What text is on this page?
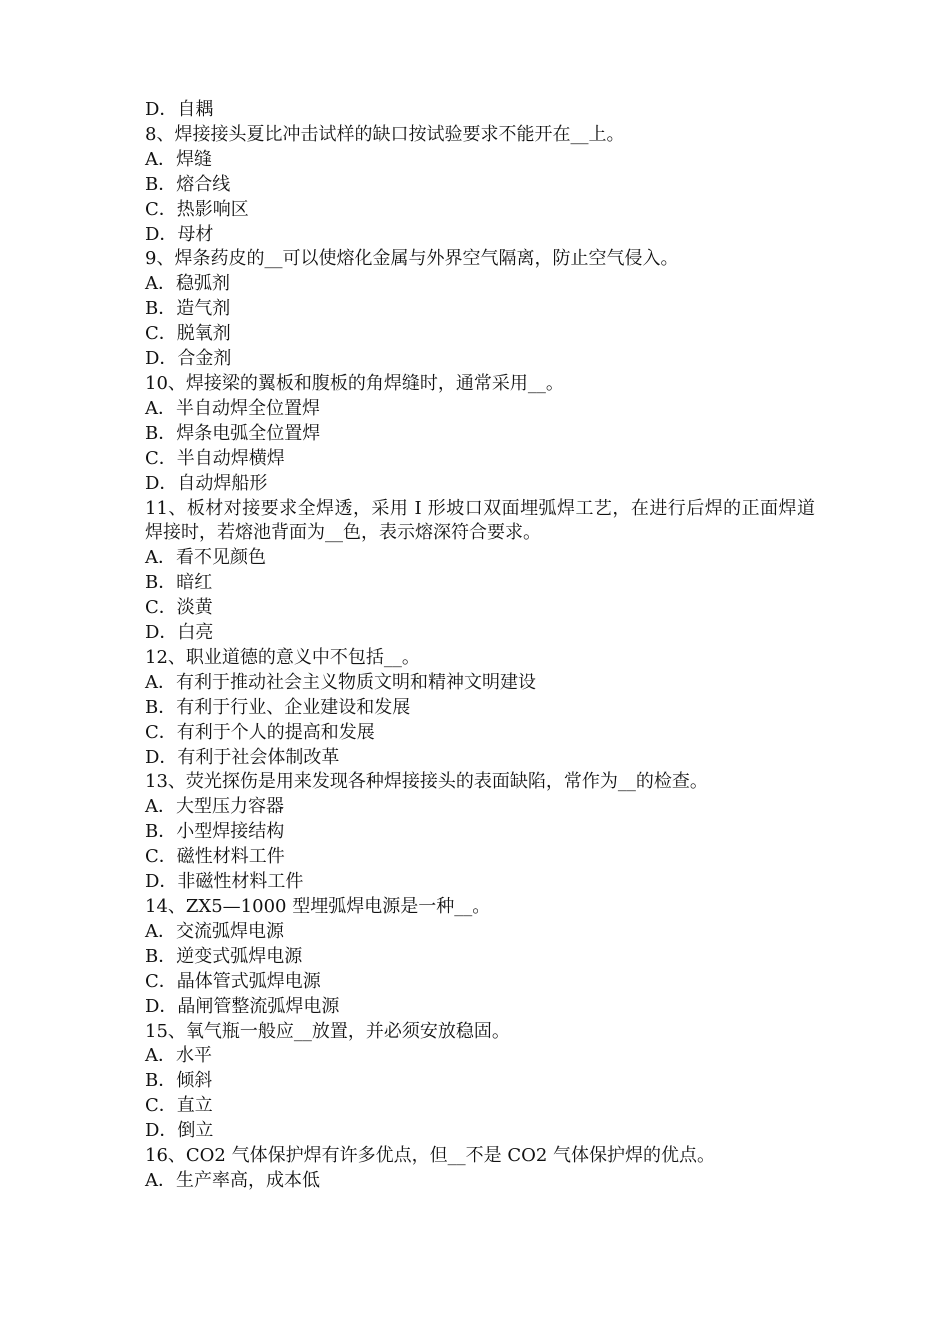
D．自耦

8、焊接接头夏比冲击试样的缺口按试验要求不能开在__上。

A．焊缝

B．熔合线

C．热影响区

D．母材

9、焊条药皮的__可以使熔化金属与外界空气隔离，防止空气侵入。

A．稳弧剂

B．造气剂

C．脱氧剂

D．合金剂

10、焊接梁的翼板和腹板的角焊缝时，通常采用__。

A．半自动焊全位置焊

B．焊条电弧全位置焊

C．半自动焊横焊

D．自动焊船形

11、板材对接要求全焊透，采用 I 形坡口双面埋弧焊工艺，在进行后焊的正面焊道焊接时，若熔池背面为__色，表示熔深符合要求。

A．看不见颜色

B．暗红

C．淡黄

D．白亮

12、职业道德的意义中不包括__。

A．有利于推动社会主义物质文明和精神文明建设

B．有利于行业、企业建设和发展

C．有利于个人的提高和发展

D．有利于社会体制改革

13、荧光探伤是用来发现各种焊接接头的表面缺陷，常作为__的检查。

A．大型压力容器

B．小型焊接结构

C．磁性材料工件

D．非磁性材料工件

14、ZX5—1000 型埋弧焊电源是一种__。

A．交流弧焊电源

B．逆变式弧焊电源

C．晶体管式弧焊电源

D．晶闸管整流弧焊电源

15、氧气瓶一般应__放置，并必须安放稳固。

A．水平

B．倾斜

C．直立

D．倒立

16、CO2 气体保护焊有许多优点，但__不是 CO2 气体保护焊的优点。

A．生产率高，成本低
